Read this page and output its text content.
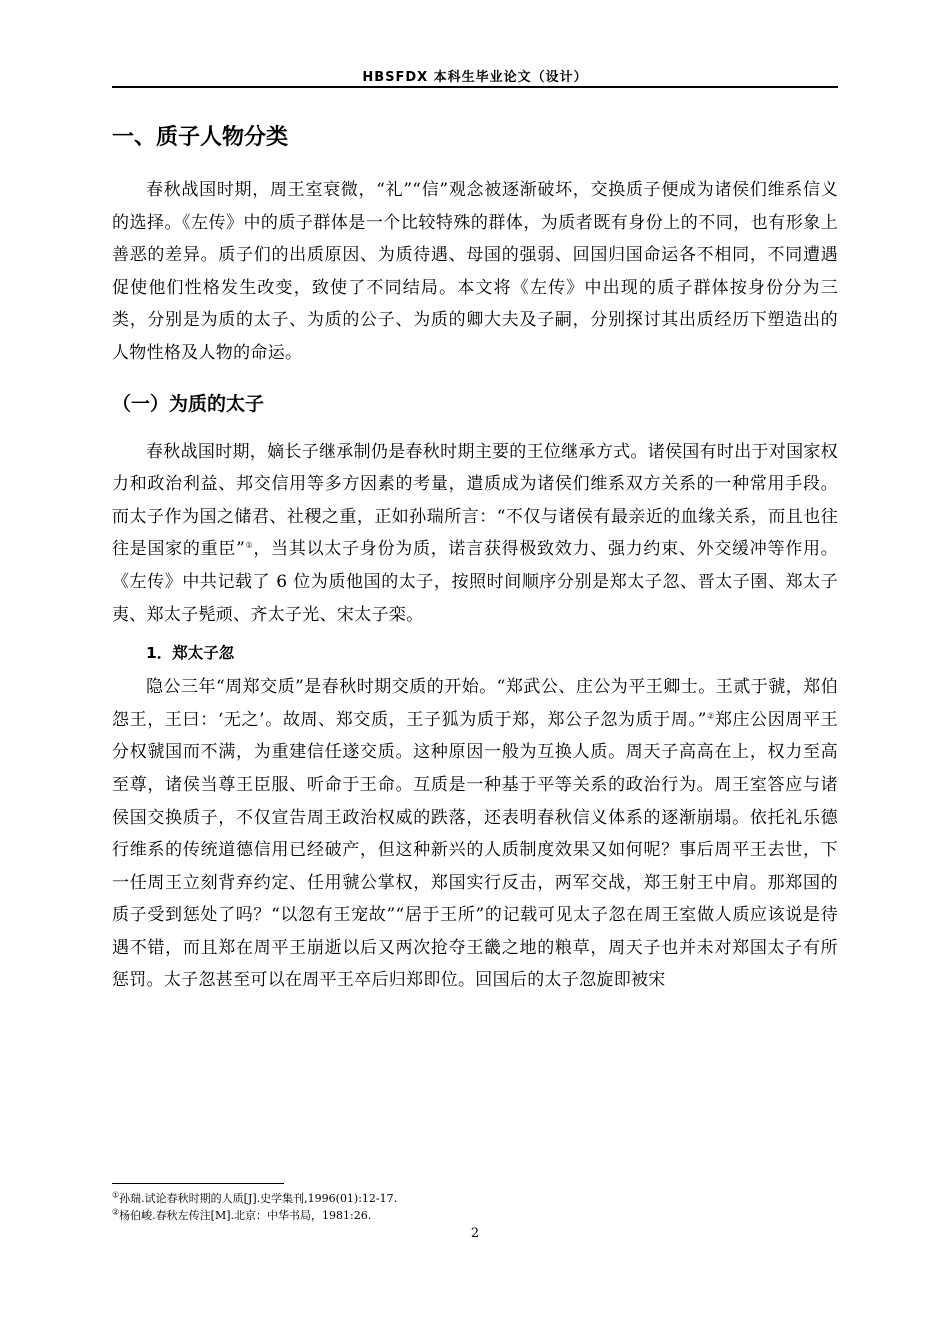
HBSFDX 本科生毕业论文（设计）
一、质子人物分类

春秋战国时期，周王室衰微，“礼”“信”观念被逐渐破坏，交换质子便成为诸侯们维系信义的选择。《左传》中的质子群体是一个比较特殊的群体，为质者既有身份上的不同，也有形象上善恶的差异。质子们的出质原因、为质待遇、母国的强弱、回国归国命运各不相同，不同遭遇促使他们性格发生改变，致使了不同结局。本文将《左传》中出现的质子群体按身份分为三类，分别是为质的太子、为质的公子、为质的卿大夫及子嗣，分别探讨其出质经历下塑造出的人物性格及人物的命运。

（一）为质的太子

春秋战国时期，嫡长子继承制仍是春秋时期主要的王位继承方式。诸侯国有时出于对国家权力和政治利益、邦交信用等多方因素的考量，遣质成为诸侯们维系双方关系的一种常用手段。而太子作为国之储君、社稷之重，正如孙瑞所言：“不仅与诸侯有最亲近的血缘关系，而且也往往是国家的重臣”①，当其以太子身份为质，诺言获得极致效力、强力约束、外交缓冲等作用。《左传》中共记载了 6 位为质他国的太子，按照时间顺序分别是郑太子忽、晋太子圉、郑太子夷、郑太子髡顽、齐太子光、宋太子栾。

1．郑太子忽

隐公三年“周郑交质”是春秋时期交质的开始。“郑武公、庄公为平王卿士。王贰于虢，郑伯怨王，王曰：‘无之’。故周、郑交质，王子狐为质于郑，郑公子忽为质于周。”②郑庄公因周平王分权虢国而不满，为重建信任遂交质。这种原因一般为互换人质。周天子高高在上，权力至高至尊，诸侯当尊王臣服、听命于王命。互质是一种基于平等关系的政治行为。周王室答应与诸侯国交换质子，不仅宣告周王政治权威的跌落，还表明春秋信义体系的逐渐崩塌。依托礼乐德行维系的传统道德信用已经破产，但这种新兴的人质制度效果又如何呢？事后周平王去世，下一任周王立刻背弃约定、任用虢公掌权，郑国实行反击，两军交战，郑王射王中肩。那郑国的质子受到惩处了吗？“以忽有王宠故”“居于王所”的记载可见太子忽在周王室做人质应该说是待遇不错，而且郑在周平王崩逝以后又两次抢夺王畿之地的粮草，周天子也并未对郑国太子有所惩罚。太子忽甚至可以在周平王卒后归郑即位。回国后的太子忽旋即被宋

①孙瑞.试论春秋时期的人质[J].史学集刊,1996(01):12-17.
②杨伯峻.春秋左传注[M].北京：中华书局，1981:26.
2
